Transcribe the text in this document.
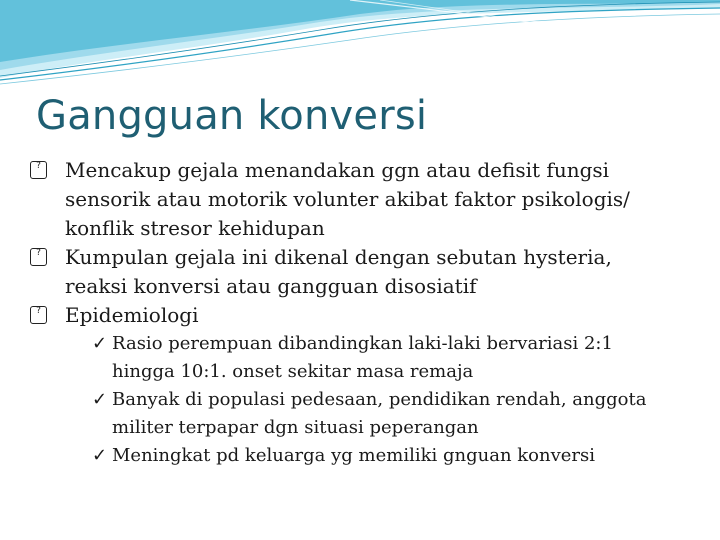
Gangguan konversi
? Mencakup gejala menandakan ggn atau defisit fungsi sensorik atau motorik volunter akibat faktor psikologis/ konflik stresor kehidupan
? Kumpulan gejala ini dikenal dengan sebutan hysteria, reaksi konversi atau gangguan disosiatif
? Epidemiologi
✓ Rasio perempuan dibandingkan laki-laki bervariasi 2:1 hingga 10:1. onset sekitar masa remaja
✓ Banyak di populasi pedesaan, pendidikan rendah, anggota militer terpapar dgn situasi peperangan
✓ Meningkat pd keluarga yg memiliki gnguan konversi
